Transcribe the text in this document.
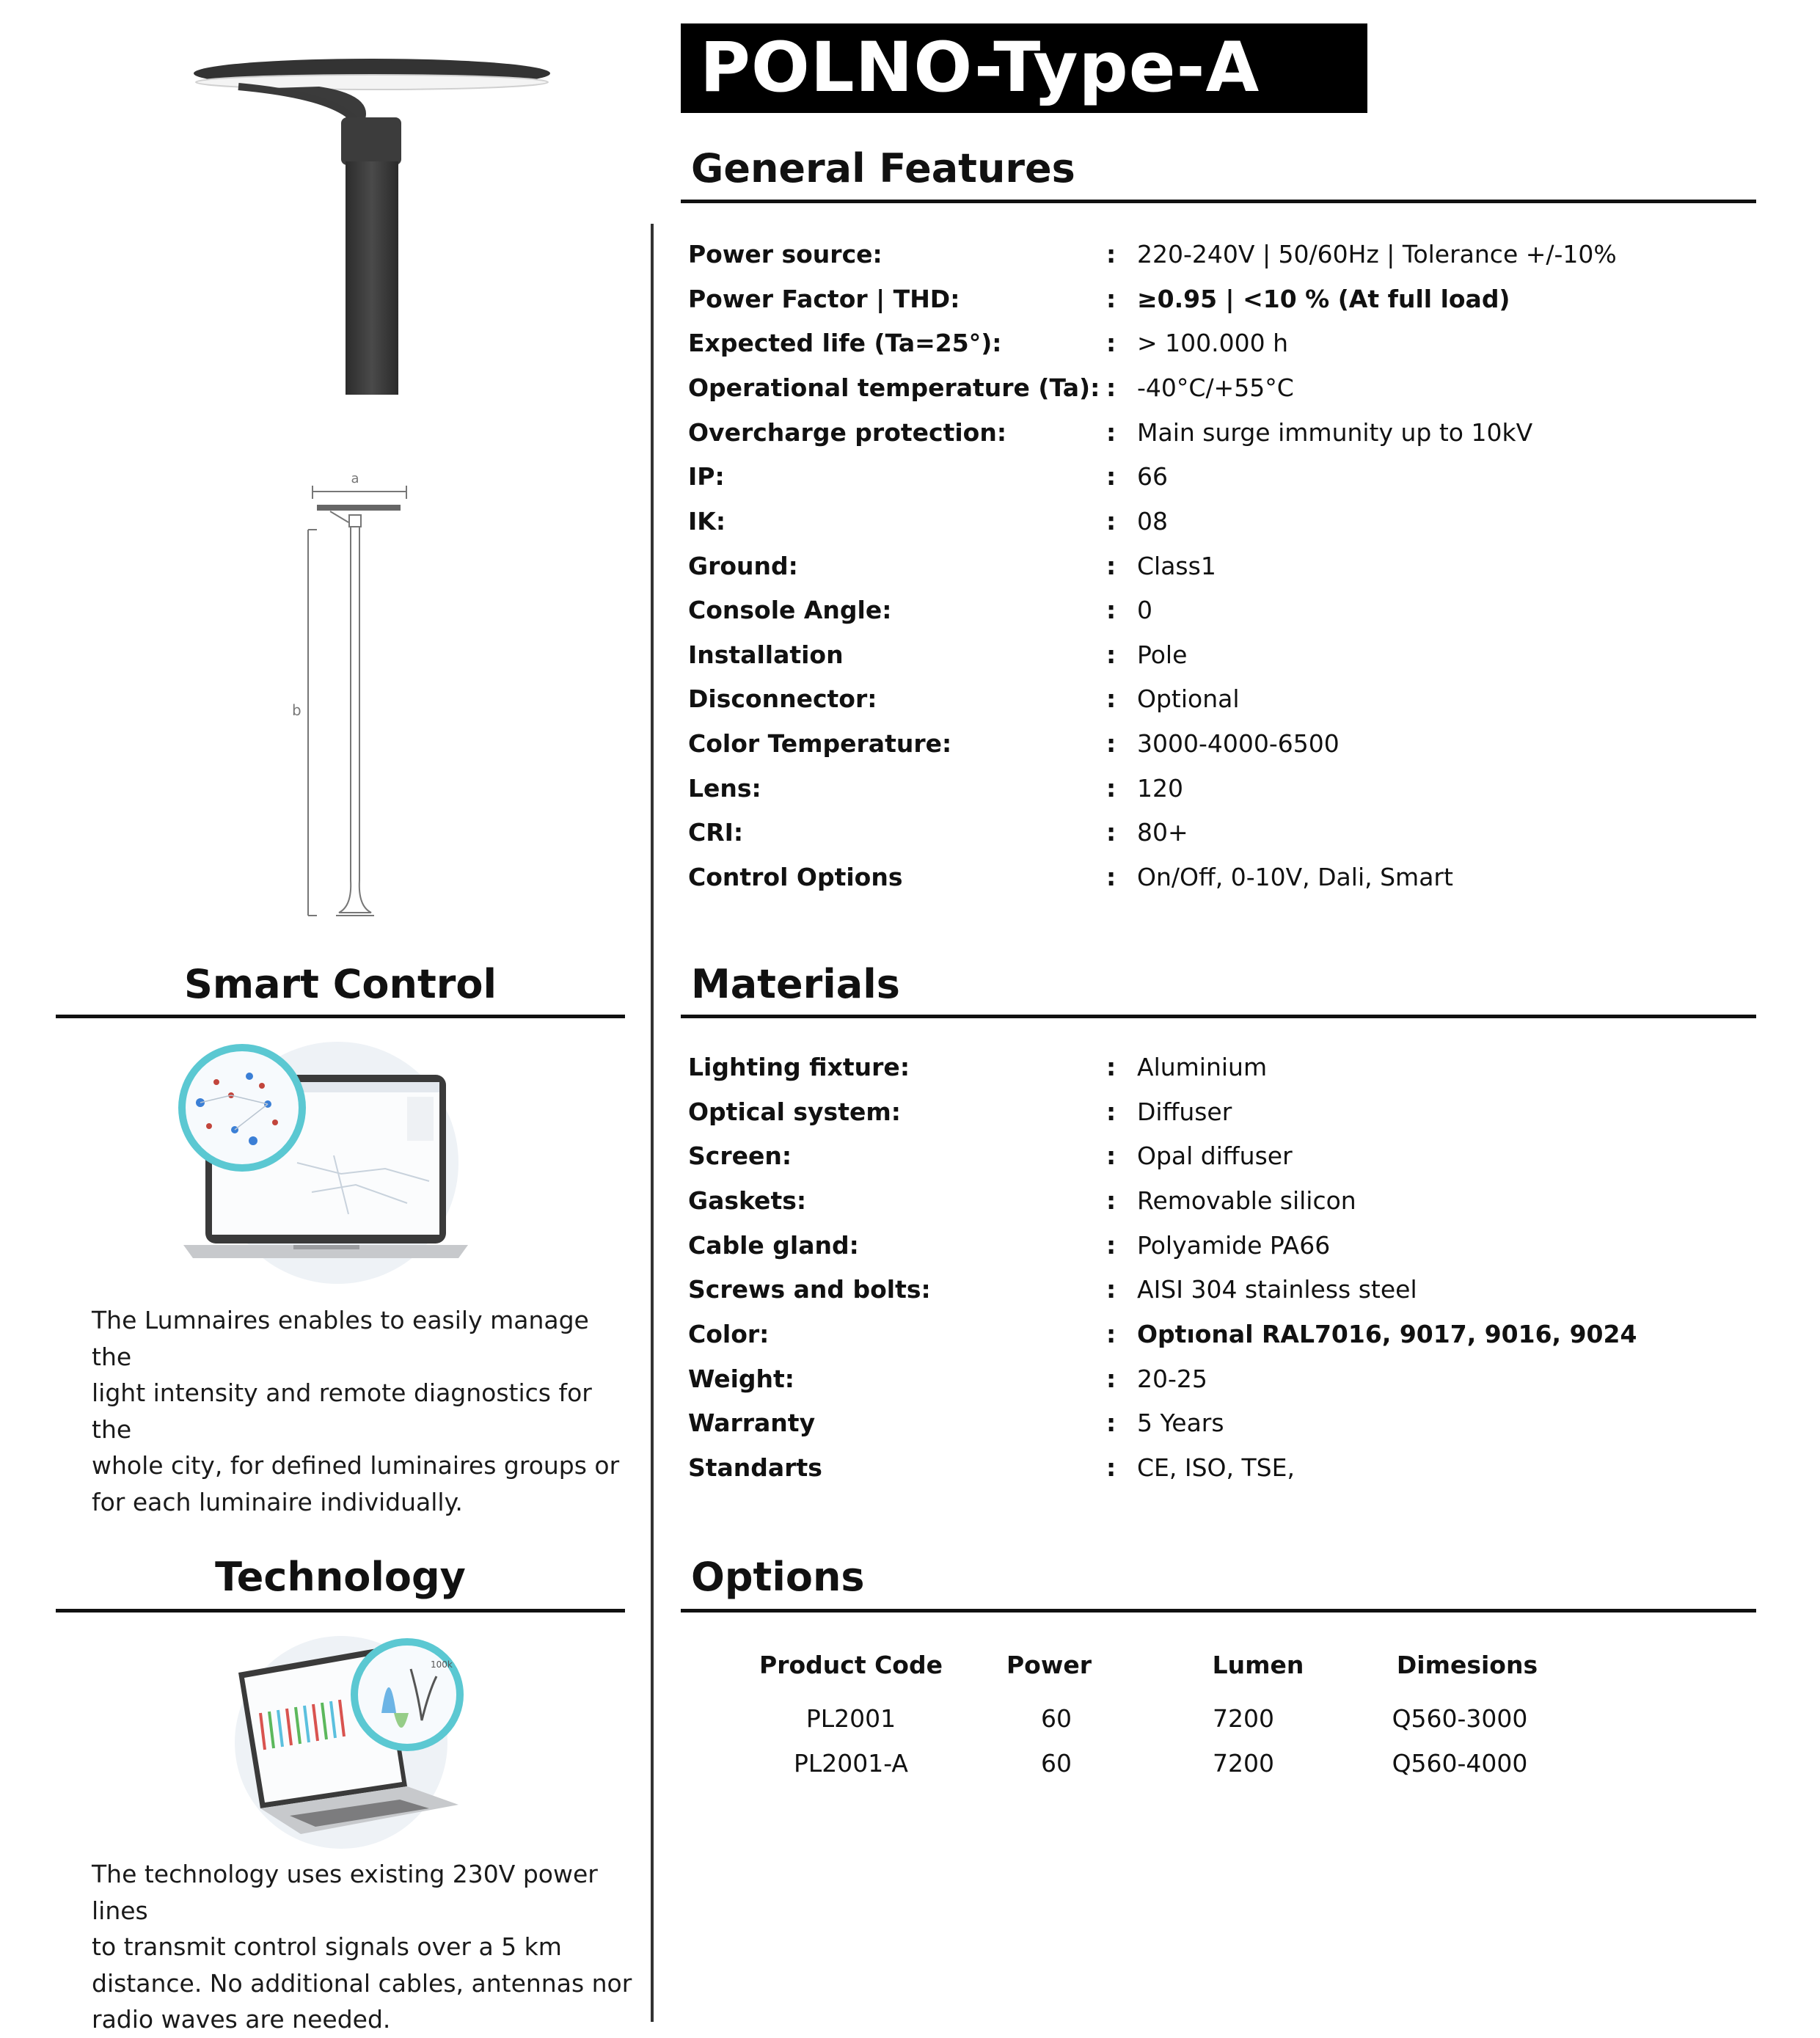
POLNO-Type-A
General Features
Materials
Options
Smart Control
Technology
a
b
Power source:	: 220-240V | 50/60Hz | Tolerance +/-10%
Power Factor | THD:	: ≥0.95 | <10 % (At full load)
Expected life (Ta=25°):	: > 100.000 h
Operational temperature (Ta): : -40°C/+55°C
Overcharge protection:	: Main surge immunity up to 10kV
IP:	: 66
IK:	: 08
Ground:	: Class1
Console Angle:	: 0
Installation	: Pole
Disconnector:	: Optional
Color Temperature:	: 3000-4000-6500
Lens:	: 120
CRI:	: 80+
Control Options	: On/Off, 0-10V, Dali, Smart
Lighting fixture:	: Aluminium
Optical system:	: Diffuser
Screen:	: Opal diffuser
Gaskets:	: Removable silicon
Cable gland:	: Polyamide PA66
Screws and bolts:	: AISI 304 stainless steel
Color:	: Optıonal RAL7016, 9017, 9016, 9024
Weight:	: 20-25
Warranty	: 5 Years
Standarts	: CE, ISO, TSE,
Product Code	Power	Lumen	Dimesions
PL2001	60	7200	Q560-3000
PL2001-A	60	7200	Q560-4000
The Lumnaires enables to easily manage the
light intensity and remote diagnostics for the
whole city, for defined luminaires groups or
for each luminaire individually.
100k
The technology uses existing 230V power lines
to transmit control signals over a 5 km
distance. No additional cables, antennas nor
radio waves are needed.
